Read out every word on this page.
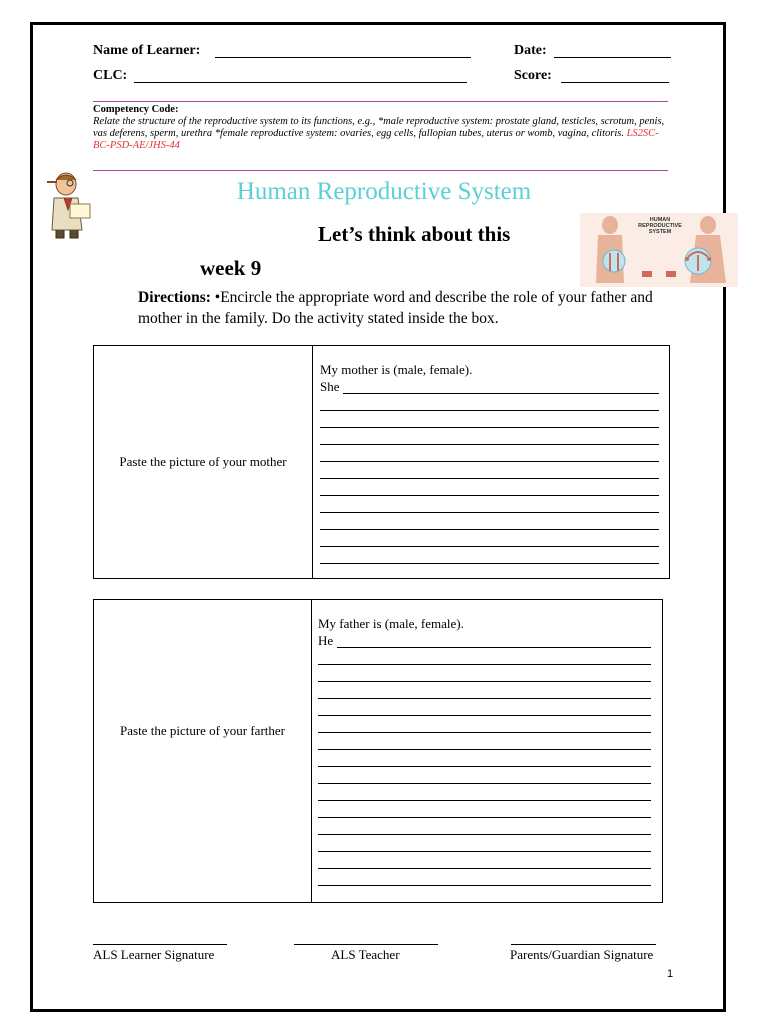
Name of Learner:	Date:
CLC:	Score:
Competency Code:
Relate the structure of the reproductive system to its functions, e.g., *male reproductive system: prostate gland, testicles, scrotum, penis, vas deferens, sperm, urethra *female reproductive system: ovaries, egg cells, fallopian tubes, uterus or womb, vagina, clitoris. LS2SC-BC-PSD-AE/JHS-44
Human Reproductive System
Let’s think about this
week 9
HUMAN
REPRODUCTIVE
SYSTEM
Directions: •Encircle the appropriate word and describe the role of your father and mother in the family. Do the activity stated inside the box.
Paste the picture of your mother
My mother is (male, female).
She
Paste the picture of your farther
My father is (male, female).
He
ALS Learner Signature	ALS Teacher	Parents/Guardian Signature
1
